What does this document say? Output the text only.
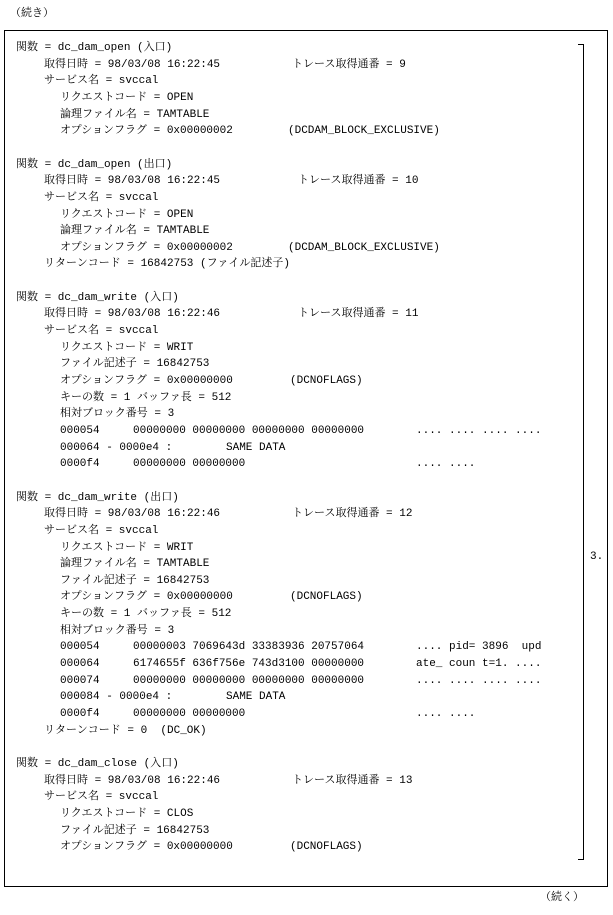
（続き）
3.
（続く）
関数 = dc_dam_open (入口)
取得日時 = 98/03/08 16:22:45	トレース取得通番 = 9
サービス名 = svccal
リクエストコード = OPEN
論理ファイル名 = TAMTABLE
オプションフラグ = 0x00000002	(DCDAM_BLOCK_EXCLUSIVE)
関数 = dc_dam_open (出口)
取得日時 = 98/03/08 16:22:45	トレース取得通番 = 10
サービス名 = svccal
リクエストコード = OPEN
論理ファイル名 = TAMTABLE
オプションフラグ = 0x00000002	(DCDAM_BLOCK_EXCLUSIVE)
リターンコード = 16842753 (ファイル記述子)
関数 = dc_dam_write (入口)
取得日時 = 98/03/08 16:22:46	トレース取得通番 = 11
サービス名 = svccal
リクエストコード = WRIT
ファイル記述子 = 16842753
オプションフラグ = 0x00000000	(DCNOFLAGS)
キーの数 = 1 バッファ長 = 512
相対ブロック番号 = 3
000054	00000000 00000000 00000000 00000000	.... .... .... ....
000064 - 0000e4 :	SAME DATA
0000f4	00000000 00000000	.... ....
関数 = dc_dam_write (出口)
取得日時 = 98/03/08 16:22:46	トレース取得通番 = 12
サービス名 = svccal
リクエストコード = WRIT
論理ファイル名 = TAMTABLE
ファイル記述子 = 16842753
オプションフラグ = 0x00000000	(DCNOFLAGS)
キーの数 = 1 バッファ長 = 512
相対ブロック番号 = 3
000054	00000003 7069643d 33383936 20757064	.... pid= 3896  upd
000064	6174655f 636f756e 743d3100 00000000	ate_ coun t=1. ....
000074	00000000 00000000 00000000 00000000	.... .... .... ....
000084 - 0000e4 :	SAME DATA
0000f4	00000000 00000000	.... ....
リターンコード = 0  (DC_OK)
関数 = dc_dam_close (入口)
取得日時 = 98/03/08 16:22:46	トレース取得通番 = 13
サービス名 = svccal
リクエストコード = CLOS
ファイル記述子 = 16842753
オプションフラグ = 0x00000000	(DCNOFLAGS)
